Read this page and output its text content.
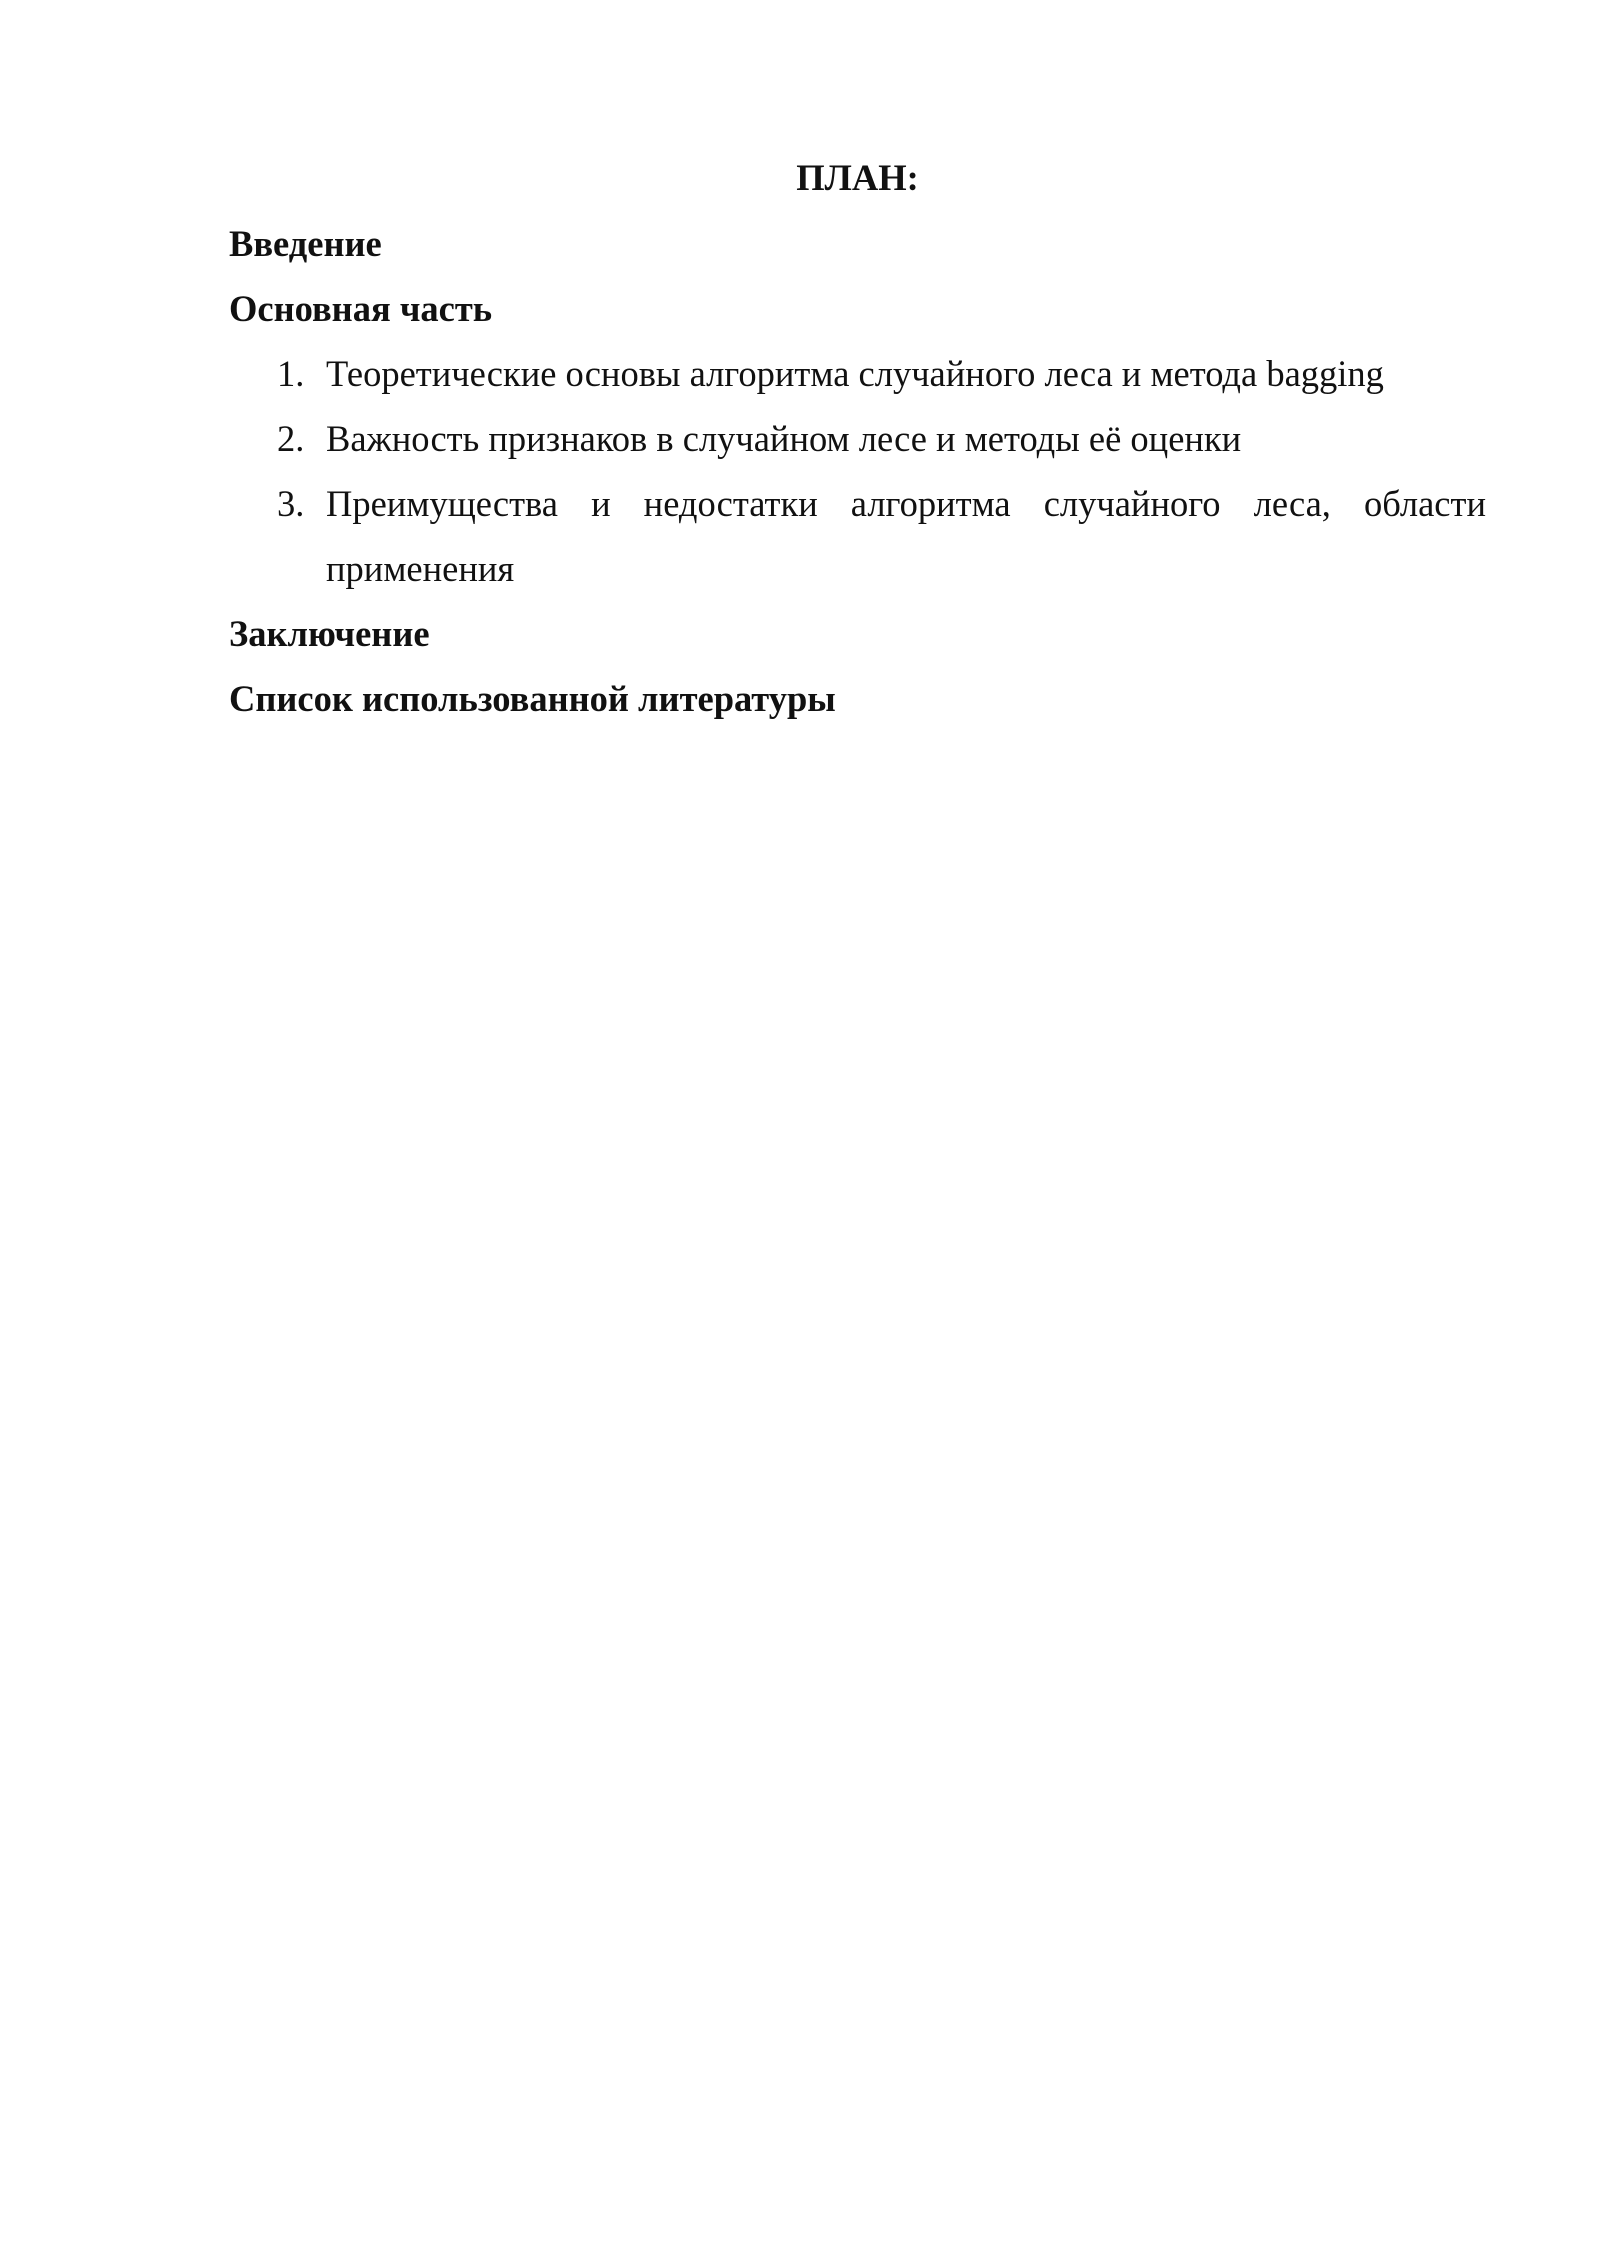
ПЛАН:

Введение

Основная часть

1. Теоретические основы алгоритма случайного леса и метода bagging
2. Важность признаков в случайном лесе и методы её оценки
3. Преимущества и недостатки алгоритма случайного леса, области применения

Заключение

Список использованной литературы
